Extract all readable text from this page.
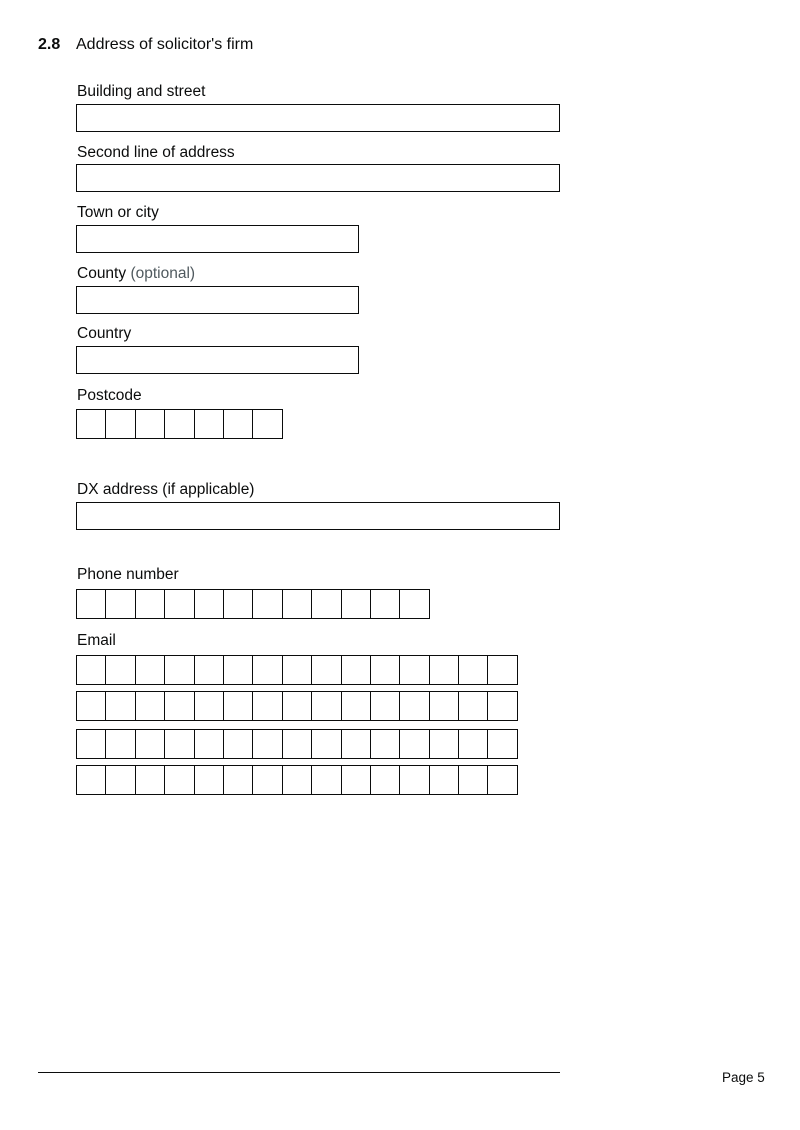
2.8 Address of solicitor's firm
Building and street
Second line of address
Town or city
County (optional)
Country
Postcode
DX address (if applicable)
Phone number
Email
Page 5
